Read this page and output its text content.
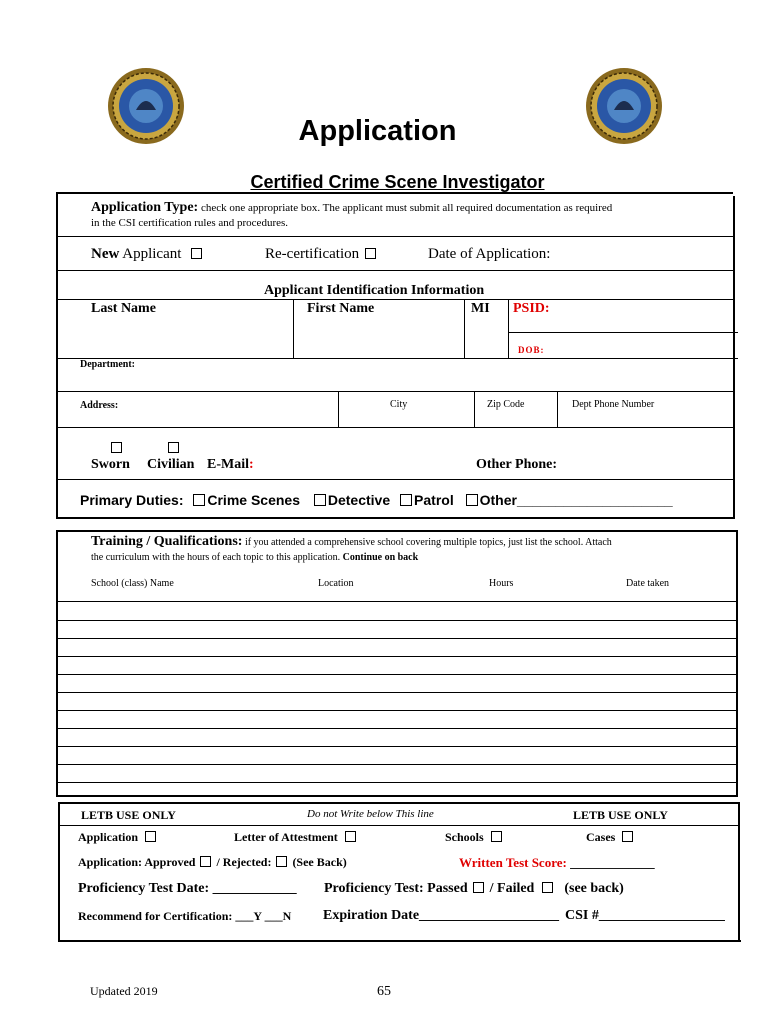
Application
Certified Crime Scene Investigator
Application Type: check one appropriate box. The applicant must submit all required documentation as required
in the CSI certification rules and procedures.
New Applicant	Re-certification	Date of Application:
Applicant Identification Information
Last Name	First Name	MI PSID:
DOB:
Department:
Address:	City	Zip Code	Dept Phone Number
Sworn Civilian E-Mail:	Other Phone:
Primary Duties: Crime Scenes Detective Patrol Other____________________
Training / Qualifications: if you attended a comprehensive school covering multiple topics, just list the school. Attach
the curriculum with the hours of each topic to this application. Continue on back
School (class) Name	Location	Hours	Date taken
LETB USE ONLY	Do not Write below This line	LETB USE ONLY
Application	Letter of Attestment	Schools	Cases
Application: Approved / Rejected: (See Back)	Written Test Score: _____________
Proficiency Test Date: ____________ Proficiency Test: Passed / Failed (see back)
Recommend for Certification: ___Y ___N Expiration Date____________________ CSI #__________________
Updated 2019	65
